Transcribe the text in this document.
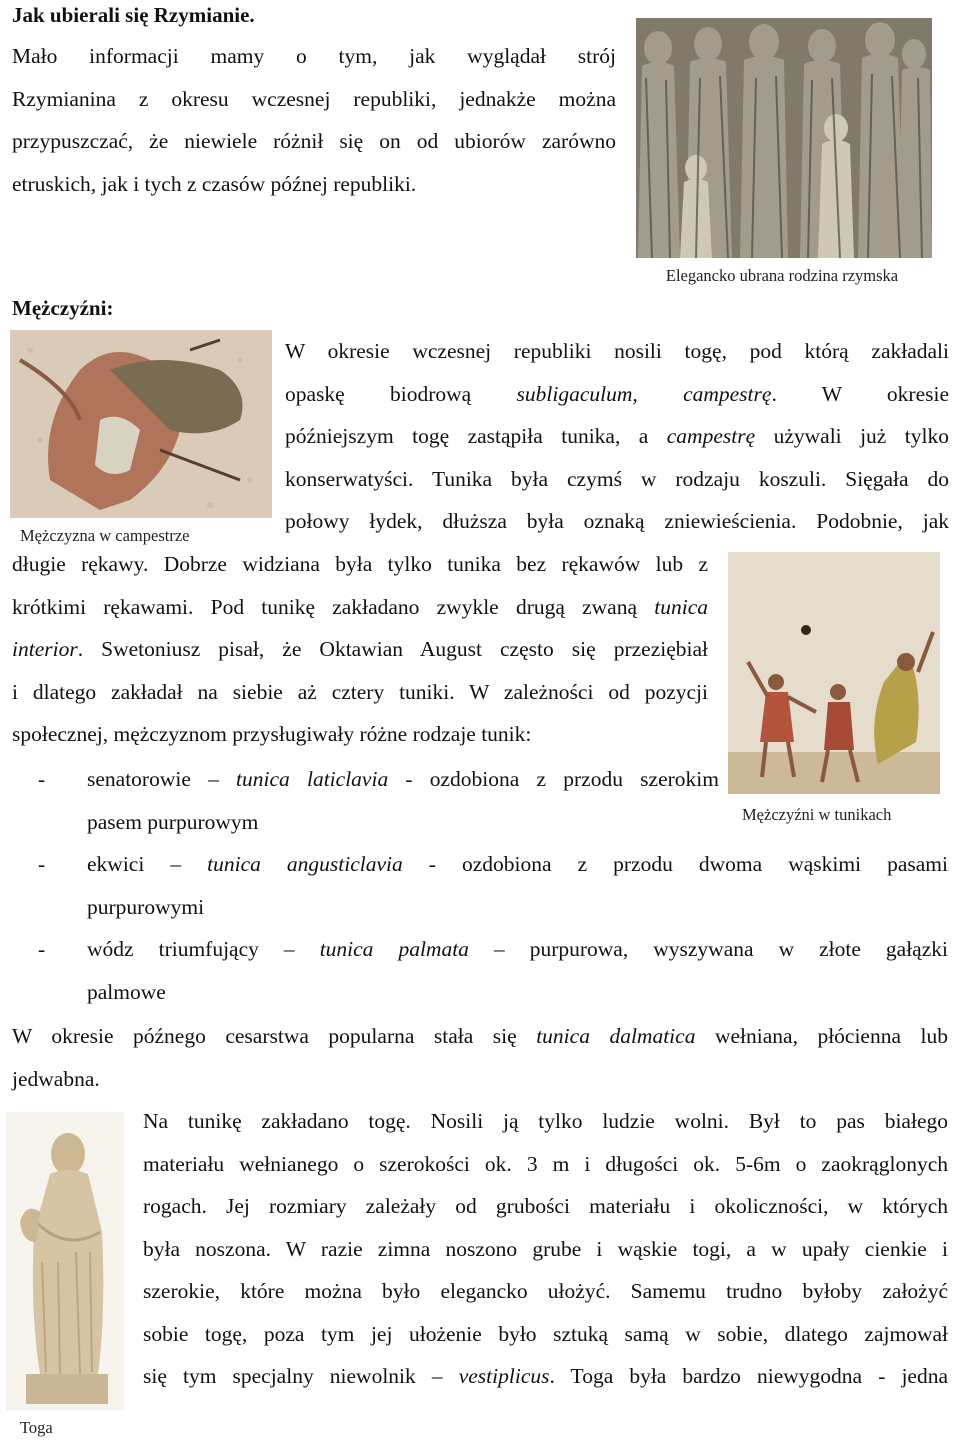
Jak ubierali się Rzymianie.
Mało informacji mamy o tym, jak wyglądał strój
Rzymianina z okresu wczesnej republiki, jednakże można
przypuszczać, że niewiele różnił się on od ubiorów zarówno
etruskich, jak i tych z czasów późnej republiki.
Elegancko ubrana rodzina rzymska
Mężczyźni:
Mężczyzna w campestrze
W okresie wczesnej republiki nosili togę, pod którą zakładali
opaskę biodrową subligaculum, campestrę. W okresie
późniejszym togę zastąpiła tunika, a campestrę używali już tylko
konserwatyści. Tunika była czymś w rodzaju koszuli. Sięgała do
połowy łydek, dłuższa była oznaką zniewieścienia. Podobnie, jak
długie rękawy. Dobrze widziana była tylko tunika bez rękawów lub z
krótkimi rękawami. Pod tunikę zakładano zwykle drugą zwaną tunica
interior. Swetoniusz pisał, że Oktawian August często się przeziębiał
i dlatego zakładał na siebie aż cztery tuniki. W zależności od pozycji
społecznej, mężczyznom przysługiwały różne rodzaje tunik:
Mężczyźni w tunikach
- senatorowie – tunica laticlavia - ozdobiona z przodu szerokim
pasem purpurowym
- ekwici – tunica angusticlavia - ozdobiona z przodu dwoma wąskimi pasami
purpurowymi
- wódz triumfujący – tunica palmata – purpurowa, wyszywana w złote gałązki
palmowe
W okresie późnego cesarstwa popularna stała się tunica dalmatica wełniana, płócienna lub
jedwabna.
Toga
Na tunikę zakładano togę. Nosili ją tylko ludzie wolni. Był to pas białego
materiału wełnianego o szerokości ok. 3 m i długości ok. 5-6m o zaokrąglonych
rogach. Jej rozmiary zależały od grubości materiału i okoliczności, w których
była noszona. W razie zimna noszono grube i wąskie togi, a w upały cienkie i
szerokie, które można było elegancko ułożyć. Samemu trudno byłoby założyć
sobie togę, poza tym jej ułożenie było sztuką samą w sobie, dlatego zajmował
się tym specjalny niewolnik – vestiplicus. Toga była bardzo niewygodna - jedna
